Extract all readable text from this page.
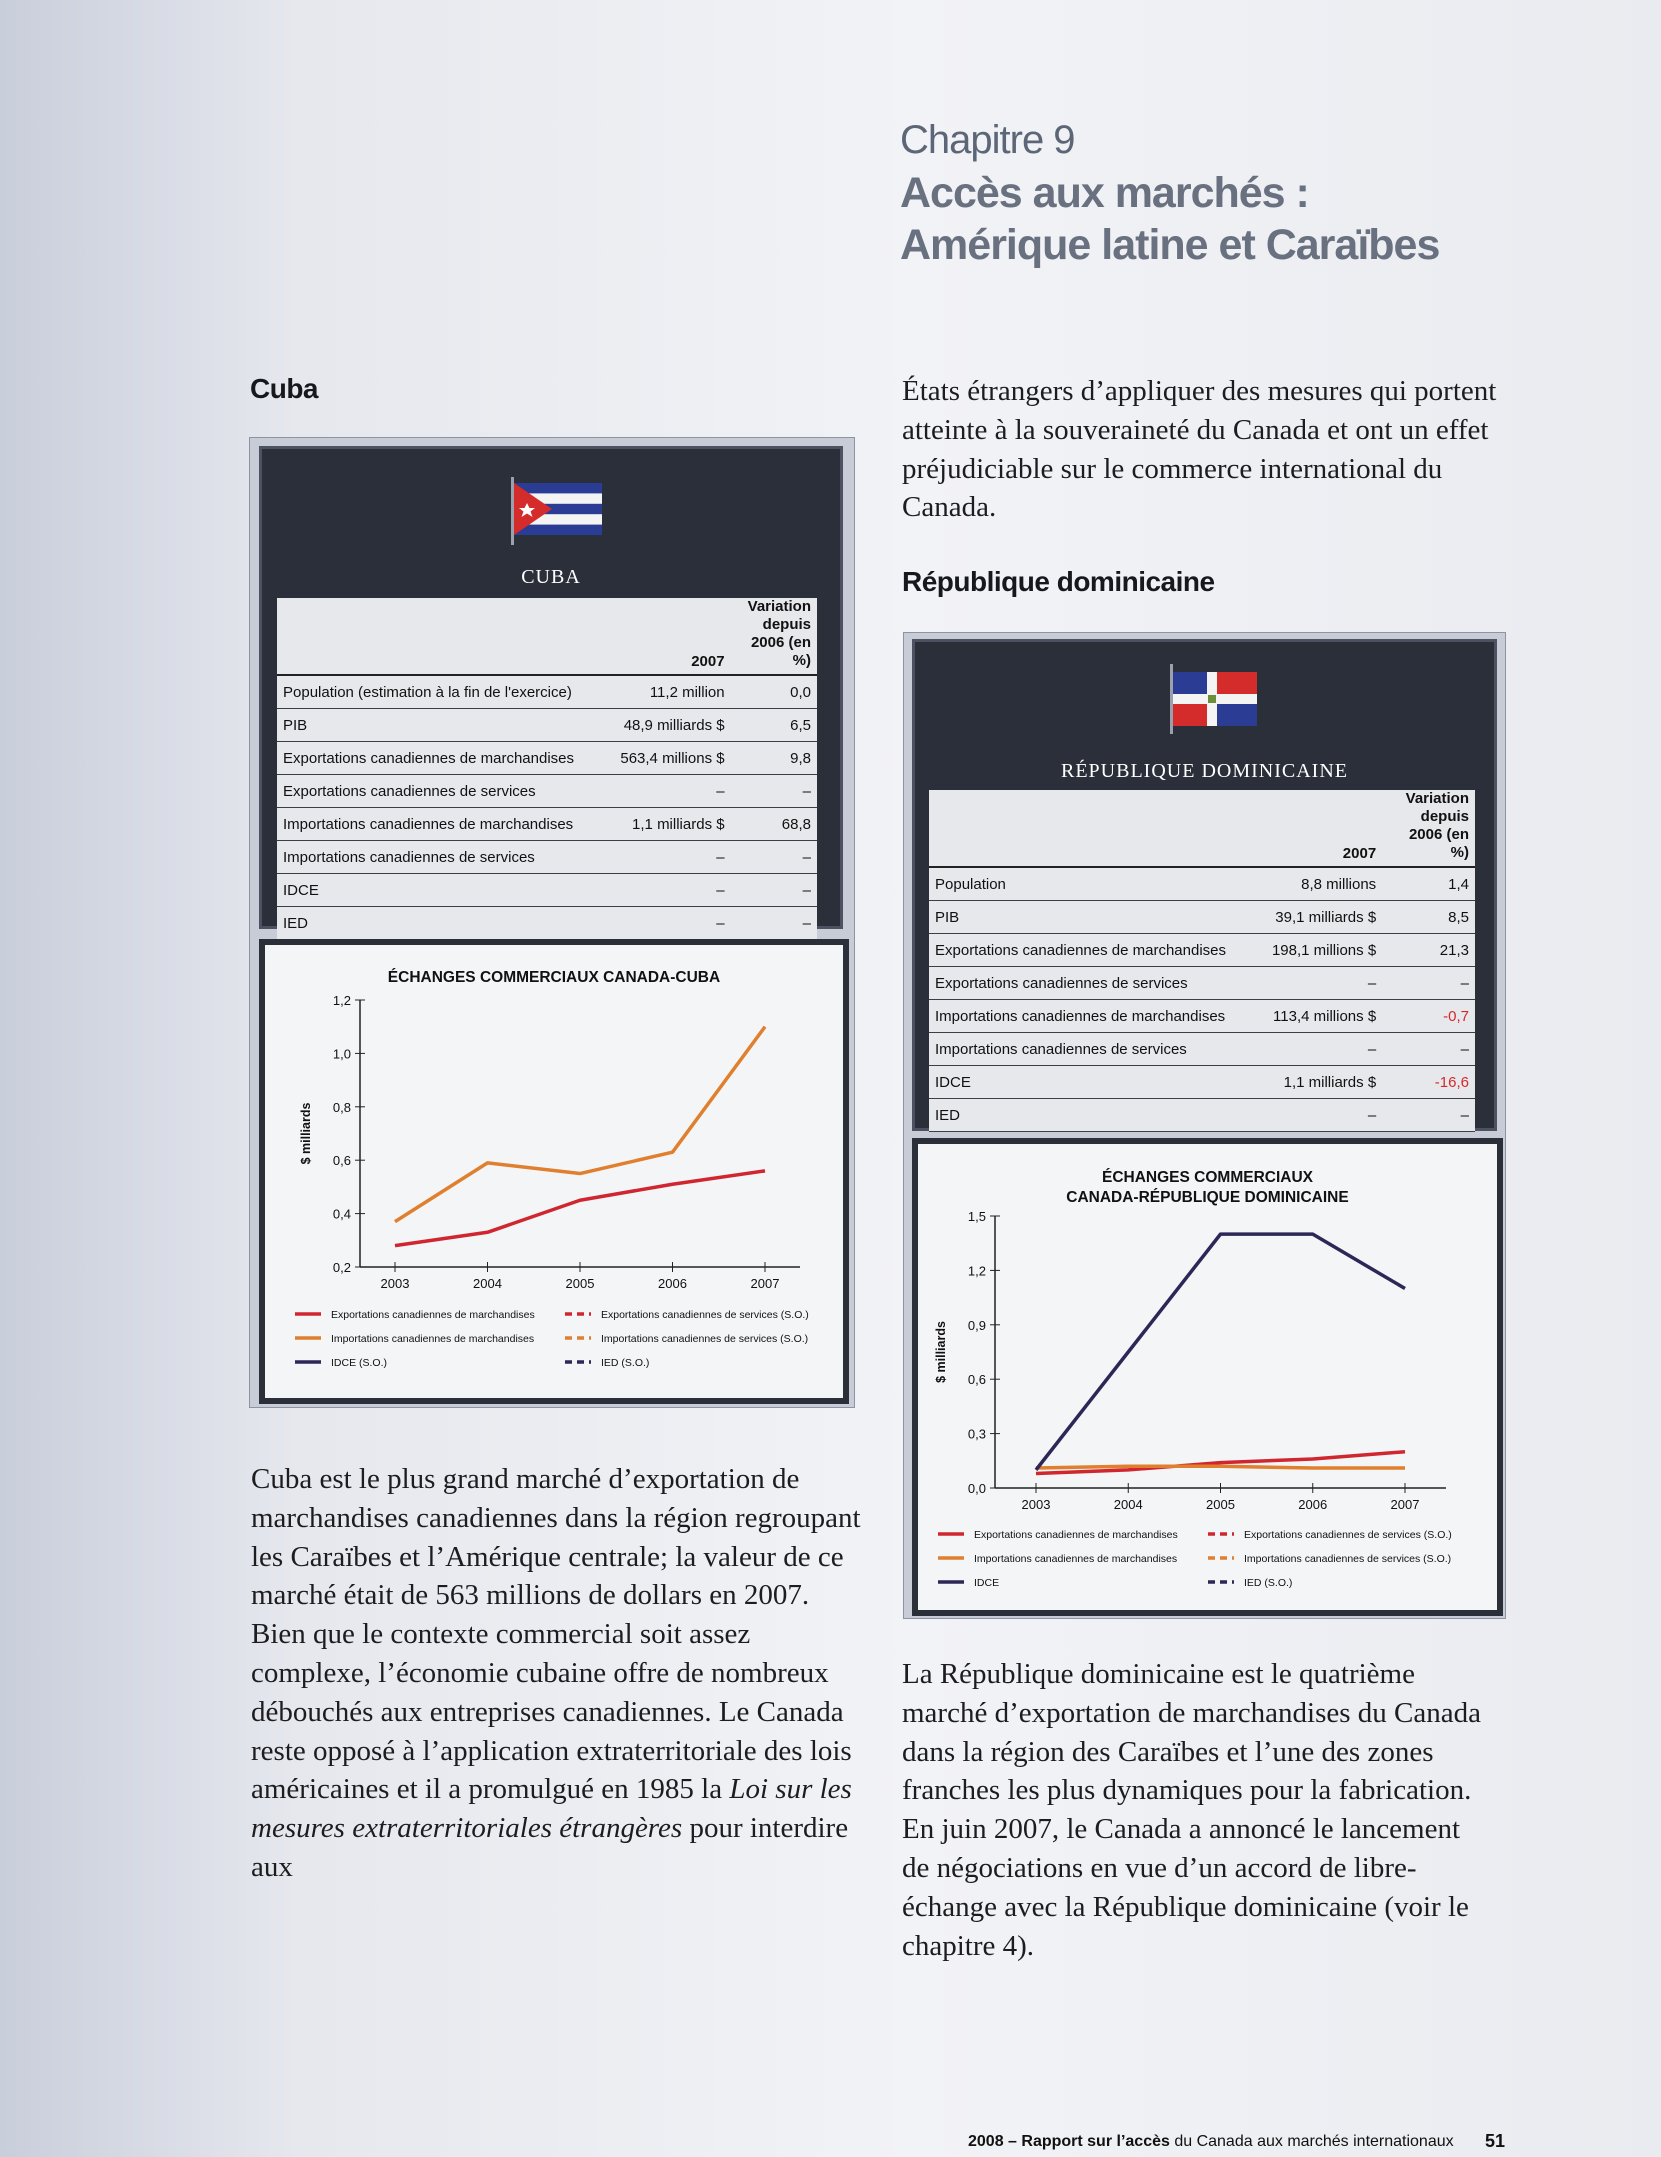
Chapitre 9
Accès aux marchés :
Amérique latine et Caraïbes
Cuba
CUBA
	2007	Variation depuis 2006 (en %)
Population (estimation à la fin de l'exercice)	11,2 million	0,0
PIB	48,9 milliards $	6,5
Exportations canadiennes de marchandises	563,4 millions $	9,8
Exportations canadiennes de services	–	–
Importations canadiennes de marchandises	1,1 milliards $	68,8
Importations canadiennes de services	–	–
IDCE	–	–
IED	–	–
ÉCHANGES COMMERCIAUX CANADA-CUBA
0,2
0,4
0,6
0,8
1,0
1,2
$ milliards
2003	2004	2005	2006	2007
Exportations canadiennes de marchandises	Exportations canadiennes de services (S.O.)
Importations canadiennes de marchandises	Importations canadiennes de services (S.O.)
IDCE (S.O.)	IED (S.O.)

Cuba est le plus grand marché d’exportation de marchandises canadiennes dans la région regroupant les Caraïbes et l’Amérique centrale; la valeur de ce marché était de 563 millions de dollars en 2007. Bien que le contexte commercial soit assez complexe, l’économie cubaine offre de nombreux débouchés aux entreprises canadiennes. Le Canada reste opposé à l’application extraterritoriale des lois américaines et il a promulgué en 1985 la Loi sur les mesures extraterritoriales étrangères pour interdire aux

États étrangers d’appliquer des mesures qui portent atteinte à la souveraineté du Canada et ont un effet préjudiciable sur le commerce international du Canada.

République dominicaine
RÉPUBLIQUE DOMINICAINE
	2007	Variation depuis 2006 (en %)
Population	8,8 millions	1,4
PIB	39,1 milliards $	8,5
Exportations canadiennes de marchandises	198,1 millions $	21,3
Exportations canadiennes de services	–	–
Importations canadiennes de marchandises	113,4 millions $	-0,7
Importations canadiennes de services	–	–
IDCE	1,1 milliards $	-16,6
IED	–	–
ÉCHANGES COMMERCIAUX
CANADA-RÉPUBLIQUE DOMINICAINE
0,0
0,3
0,6
0,9
1,2
1,5
$ milliards
2003	2004	2005	2006	2007
Exportations canadiennes de marchandises	Exportations canadiennes de services (S.O.)
Importations canadiennes de marchandises	Importations canadiennes de services (S.O.)
IDCE	IED (S.O.)

La République dominicaine est le quatrième marché d’exportation de marchandises du Canada dans la région des Caraïbes et l’une des zones franches les plus dynamiques pour la fabrication. En juin 2007, le Canada a annoncé le lancement de négociations en vue d’un accord de libre-échange avec la République dominicaine (voir le chapitre 4).

2008 – Rapport sur l’accès du Canada aux marchés internationaux 51
